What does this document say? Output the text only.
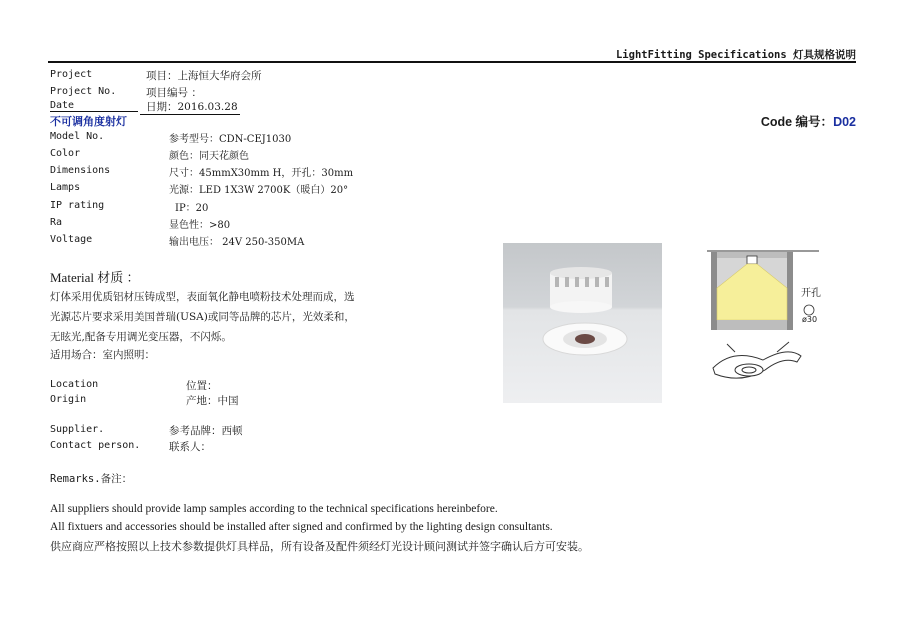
LightFitting Specifications 灯具规格说明
Project	项目：上海恒大华府会所
Project No.	项目编号 ：
Date	日期：2016.03.28
不可调角度射灯	Code 编号：D02
Model No.	参考型号：CDN-CEJ1030
Color	颜色：同天花颜色
Dimensions	尺寸：45mmX30mm H，开孔：30mm
Lamps	光源：LED 1X3W 2700K（暖白）20°
IP rating	IP：20
Ra	显色性：>80
Voltage	输出电压： 24V 250-350MA
Material 材质 ：
灯体采用优质铝材压铸成型，表面氧化静电喷粉技术处理而成，选
光源芯片要求采用美国普瑞(USA)或同等品牌的芯片，光效柔和，
无眩光,配备专用调光变压器，不闪烁。
适用场合：室内照明：
Location	位置：
Origin	产地：中国
Supplier.	参考品牌：西顿
Contact person.	联系人：
Remarks.备注：
All suppliers should provide lamp samples according to the technical specifications hereinbefore.
All fixtuers and accessories should be installed after signed and confirmed by the lighting design consultants.
供应商应严格按照以上技术参数提供灯具样品，所有设备及配件须经灯光设计顾问测试并签字确认后方可安装。
开孔
ø30
